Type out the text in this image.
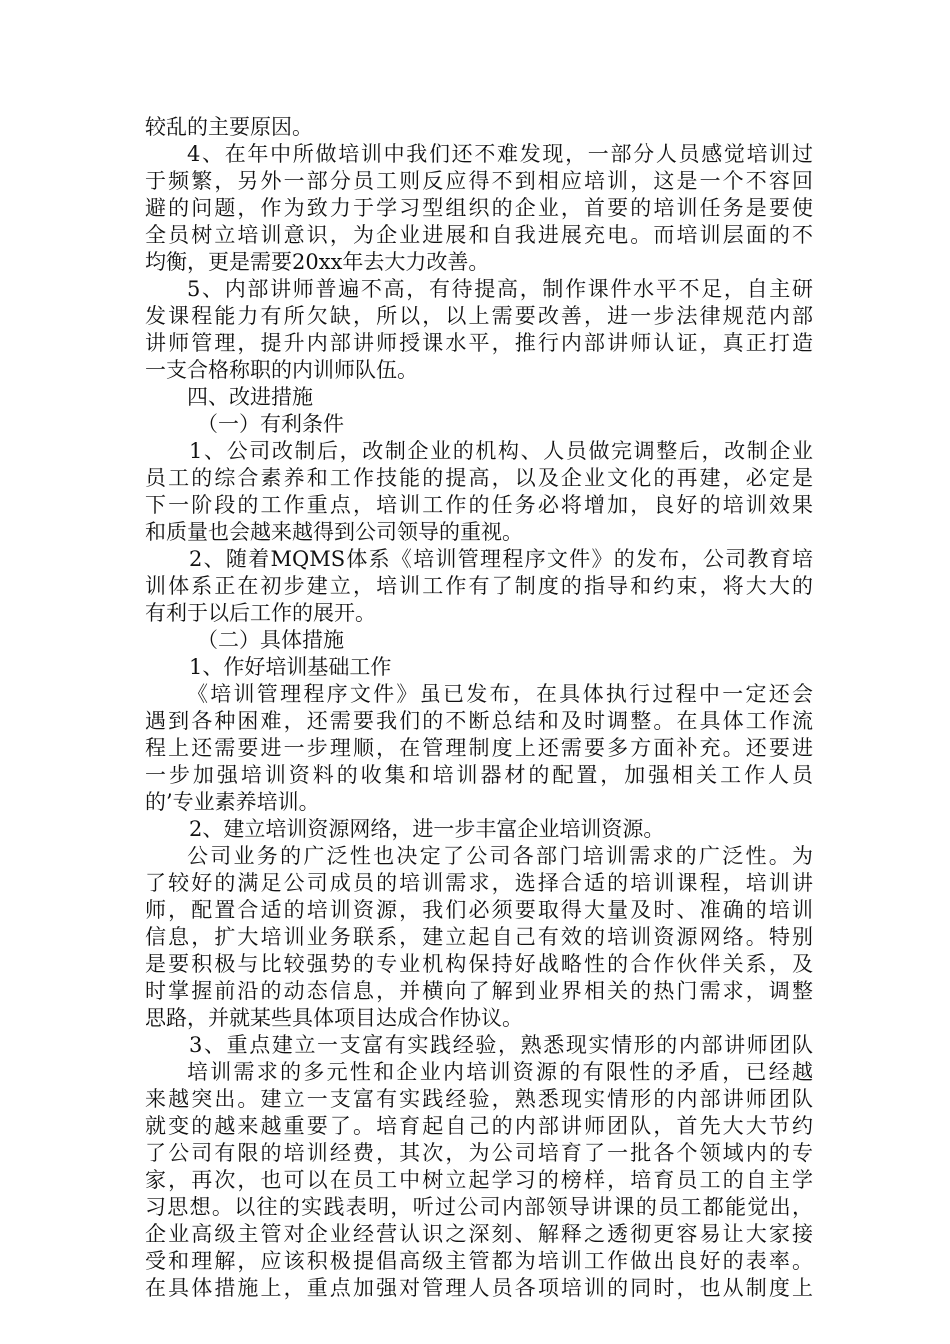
较乱的主要原因。
4、在年中所做培训中我们还不难发现，一部分人员感觉培训过
于频繁，另外一部分员工则反应得不到相应培训，这是一个不容回
避的问题，作为致力于学习型组织的企业，首要的培训任务是要使
全员树立培训意识，为企业进展和自我进展充电。而培训层面的不
均衡，更是需要20xx年去大力改善。
5、内部讲师普遍不高，有待提高，制作课件水平不足，自主研
发课程能力有所欠缺，所以，以上需要改善，进一步法律规范内部
讲师管理，提升内部讲师授课水平，推行内部讲师认证，真正打造
一支合格称职的内训师队伍。
四、改进措施
（一）有利条件
1、公司改制后，改制企业的机构、人员做完调整后，改制企业
员工的综合素养和工作技能的提高，以及企业文化的再建，必定是
下一阶段的工作重点，培训工作的任务必将增加，良好的培训效果
和质量也会越来越得到公司领导的重视。
2、随着MQMS体系《培训管理程序文件》的发布，公司教育培
训体系正在初步建立，培训工作有了制度的指导和约束，将大大的
有利于以后工作的展开。
（二）具体措施
1、作好培训基础工作
《培训管理程序文件》虽已发布，在具体执行过程中一定还会
遇到各种困难，还需要我们的不断总结和及时调整。在具体工作流
程上还需要进一步理顺，在管理制度上还需要多方面补充。还要进
一步加强培训资料的收集和培训器材的配置，加强相关工作人员
的’专业素养培训。
2、建立培训资源网络，进一步丰富企业培训资源。
公司业务的广泛性也决定了公司各部门培训需求的广泛性。为
了较好的满足公司成员的培训需求，选择合适的培训课程，培训讲
师，配置合适的培训资源，我们必须要取得大量及时、准确的培训
信息，扩大培训业务联系，建立起自己有效的培训资源网络。特别
是要积极与比较强势的专业机构保持好战略性的合作伙伴关系，及
时掌握前沿的动态信息，并横向了解到业界相关的热门需求，调整
思路，并就某些具体项目达成合作协议。
3、重点建立一支富有实践经验，熟悉现实情形的内部讲师团队
培训需求的多元性和企业内培训资源的有限性的矛盾，已经越
来越突出。建立一支富有实践经验，熟悉现实情形的内部讲师团队
就变的越来越重要了。培育起自己的内部讲师团队，首先大大节约
了公司有限的培训经费，其次，为公司培育了一批各个领域内的专
家，再次，也可以在员工中树立起学习的榜样，培育员工的自主学
习思想。以往的实践表明，听过公司内部领导讲课的员工都能觉出，
企业高级主管对企业经营认识之深刻、解释之透彻更容易让大家接
受和理解，应该积极提倡高级主管都为培训工作做出良好的表率。
在具体措施上，重点加强对管理人员各项培训的同时，也从制度上
